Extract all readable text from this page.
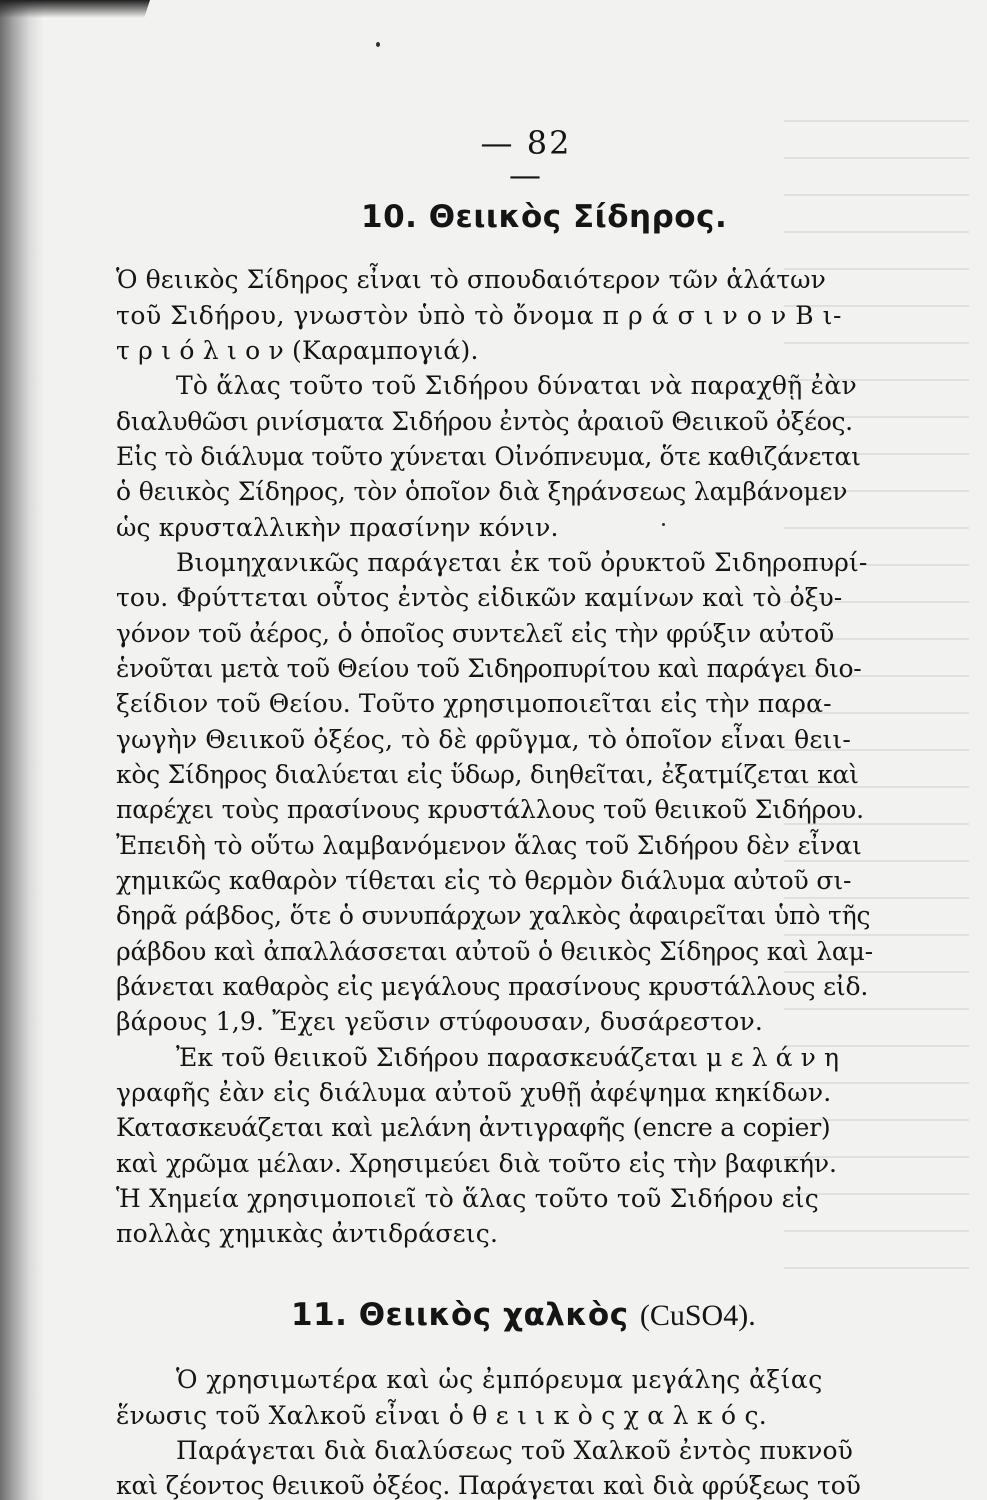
— 82 —
10. Θειικὸς Σίδηρος.
Ὁ θειικὸς Σίδηρος εἶναι τὸ σπουδαιότερον τῶν ἁλάτων
τοῦ Σιδήρου, γνωστὸν ὑπὸ τὸ ὄνομα π ρ ά σ ι ν ο ν Β ι-
τ ρ ι ό λ ι ο ν (Καραμπογιά).
Τὸ ἅλας τοῦτο τοῦ Σιδήρου δύναται νὰ παραχθῇ ἐὰν
διαλυθῶσι ρινίσματα Σιδήρου ἐντὸς ἀραιοῦ Θειικοῦ ὀξέος.
Εἰς τὸ διάλυμα τοῦτο χύνεται Οἰνόπνευμα, ὅτε καθιζάνεται
ὁ θειικὸς Σίδηρος, τὸν ὁποῖον διὰ ξηράνσεως λαμβάνομεν
ὡς κρυσταλλικὴν πρασίνην κόνιν.
Βιομηχανικῶς παράγεται ἐκ τοῦ ὀρυκτοῦ Σιδηροπυρί-
του. Φρύττεται οὗτος ἐντὸς εἰδικῶν καμίνων καὶ τὸ ὀξυ-
γόνον τοῦ ἀέρος, ὁ ὁποῖος συντελεῖ εἰς τὴν φρύξιν αὐτοῦ
ἑνοῦται μετὰ τοῦ Θείου τοῦ Σιδηροπυρίτου καὶ παράγει διο-
ξείδιον τοῦ Θείου. Τοῦτο χρησιμοποιεῖται εἰς τὴν παρα-
γωγὴν Θειικοῦ ὀξέος, τὸ δὲ φρῦγμα, τὸ ὁποῖον εἶναι θειι-
κὸς Σίδηρος διαλύεται εἰς ὕδωρ, διηθεῖται, ἐξατμίζεται καὶ
παρέχει τοὺς πρασίνους κρυστάλλους τοῦ θειικοῦ Σιδήρου.
Ἐπειδὴ τὸ οὕτω λαμβανόμενον ἅλας τοῦ Σιδήρου δὲν εἶναι
χημικῶς καθαρὸν τίθεται εἰς τὸ θερμὸν διάλυμα αὐτοῦ σι-
δηρᾶ ράβδος, ὅτε ὁ συνυπάρχων χαλκὸς ἀφαιρεῖται ὑπὸ τῆς
ράβδου καὶ ἀπαλλάσσεται αὐτοῦ ὁ θειικὸς Σίδηρος καὶ λαμ-
βάνεται καθαρὸς εἰς μεγάλους πρασίνους κρυστάλλους εἰδ.
βάρους 1,9. Ἔχει γεῦσιν στύφουσαν, δυσάρεστον.
Ἐκ τοῦ θειικοῦ Σιδήρου παρασκευάζεται μ ε λ ά ν η
γραφῆς ἐὰν εἰς διάλυμα αὐτοῦ χυθῇ ἀφέψημα κηκίδων.
Κατασκευάζεται καὶ μελάνη ἀντιγραφῆς (encre a copier)
καὶ χρῶμα μέλαν. Χρησιμεύει διὰ τοῦτο εἰς τὴν βαφικήν.
Ἡ Χημεία χρησιμοποιεῖ τὸ ἅλας τοῦτο τοῦ Σιδήρου εἰς
πολλὰς χημικὰς ἀντιδράσεις.
11. Θειικὸς χαλκὸς (CuSO4).
Ὁ χρησιμωτέρα καὶ ὡς ἐμπόρευμα μεγάλης ἀξίας
ἕνωσις τοῦ Χαλκοῦ εἶναι ὁ θ ε ι ι κ ὸ ς χ α λ κ ό ς.
Παράγεται διὰ διαλύσεως τοῦ Χαλκοῦ ἐντὸς πυκνοῦ
καὶ ζέοντος θειικοῦ ὀξέος. Παράγεται καὶ διὰ φρύξεως τοῦ
